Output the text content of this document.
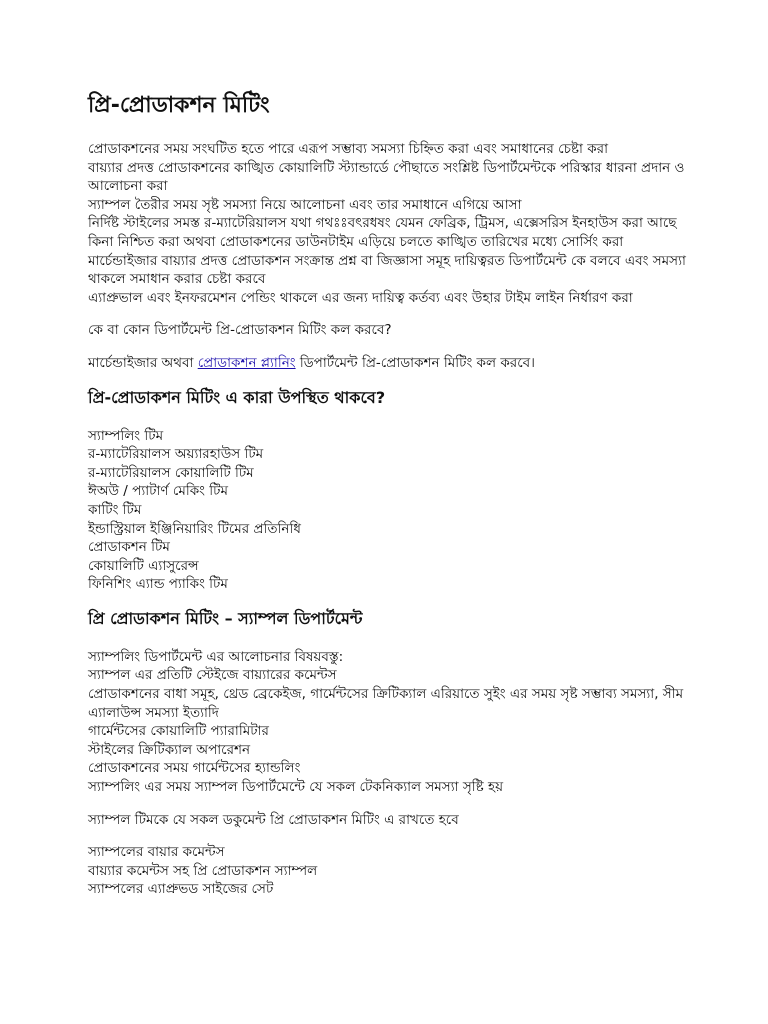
প্রি-প্রোডাকশন মিটিং

প্রোডাকশনের সময় সংঘটিত হতে পারে এরূপ সম্ভাব্য সমস্যা চিহ্নিত করা এবং সমাধানের চেষ্টা করা

বায়্যার প্রদত্ত প্রোডাকশনের কাঙ্খিত কোয়ালিটি স্ট্যান্ডার্ডে পৌছাতে সংশ্লিষ্ট ডিপার্টমেন্টকে পরিস্কার ধারনা প্রদান ও আলোচনা করা

স্যাম্পল তৈরীর সময় সৃষ্ট সমস্যা নিয়ে আলোচনা এবং তার সমাধানে এগিয়ে আসা

নির্দিষ্ট স্টাইলের সমস্ত র-ম্যাটেরিয়ালস যথা গথঃঃবৎরধষং যেমন ফেব্রিক, ট্রিমস, এক্সেসরিস ইনহাউস করা আছে কিনা নিশ্চিত করা অথবা প্রোডাকশনের ডাউনটাইম এড়িয়ে চলতে কাঙ্খিত তারিখের মধ্যে সোর্সিং করা

মার্চেন্ডাইজার বায়্যার প্রদত্ত প্রোডাকশন সংক্রান্ত প্রশ্ন বা জিজ্ঞাসা সমূহ দায়িত্বরত ডিপার্টমেন্ট কে বলবে এবং সমস্যা থাকলে সমাধান করার চেষ্টা করবে

এ্যাপ্রুভাল এবং ইনফরমেশন পেন্ডিং থাকলে এর জন্য দায়িত্ব কর্তব্য এবং উহার টাইম লাইন নির্ধারণ করা

কে বা কোন ডিপার্টমেন্ট প্রি-প্রোডাকশন মিটিং কল করবে?

মার্চেন্ডাইজার অথবা প্রোডাকশন প্ল্যানিং ডিপার্টমেন্ট প্রি-প্রোডাকশন মিটিং কল করবে।

প্রি-প্রোডাকশন মিটিং এ কারা উপস্থিত থাকবে?

স্যাম্পলিং টিম

র-ম্যাটেরিয়ালস অয়্যারহাউস টিম

র-ম্যাটেরিয়ালস কোয়ালিটি টিম

ঈঅউ / প্যাটার্ণ মেকিং টিম

কাটিং টিম

ইন্ডাস্ট্রিয়াল ইঞ্জিনিয়ারিং টিমের প্রতিনিধি

প্রোডাকশন টিম

কোয়ালিটি এ্যাসুরেন্স

ফিনিশিং এ্যান্ড প্যাকিং টিম

প্রি প্রোডাকশন মিটিং – স্যাম্পল ডিপার্টমেন্ট

স্যাম্পলিং ডিপার্টমেন্ট এর আলোচনার বিষয়বস্তু:

স্যাম্পল এর প্রতিটি স্টেইজে বায়্যারের কমেন্টস

প্রোডাকশনের বাধা সমূহ, থ্রেড ব্রেকেইজ, গার্মেন্টসের ক্রিটিক্যাল এরিয়াতে সুইং এর সময় সৃষ্ট সম্ভাব্য সমস্যা, সীম এ্যালাউন্স সমস্যা ইত্যাদি

গার্মেন্টসের কোয়ালিটি প্যারামিটার

স্টাইলের ক্রিটিক্যাল অপারেশন

প্রোডাকশনের সময় গার্মেন্টসের হ্যান্ডলিং

স্যাম্পলিং এর সময় স্যাম্পল ডিপার্টমেন্টে যে সকল টেকনিক্যাল সমস্যা সৃষ্টি হয়

স্যাম্পল টিমকে যে সকল ডকুমেন্ট প্রি প্রোডাকশন মিটিং এ রাখতে হবে

স্যাম্পলের বায়ার কমেন্টস

বায়্যার কমেন্টস সহ প্রি প্রোডাকশন স্যাম্পল

স্যাম্পলের এ্যাপ্রুভড সাইজের সেট
